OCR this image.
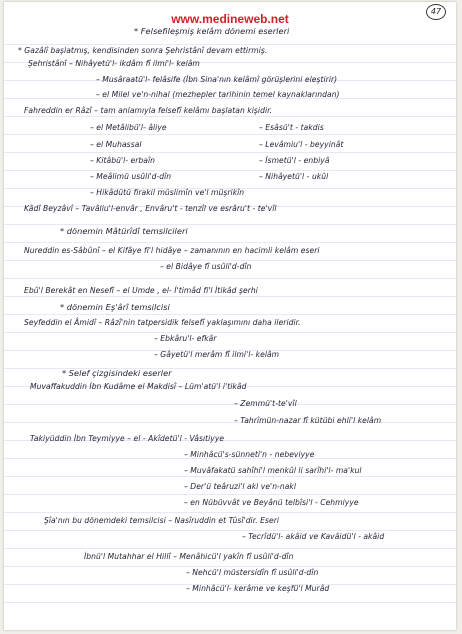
www.medineweb.net
47
* Felsefileşmiş kelâm dönemi eserleri
* Gazâlî başlatmış, kendisinden sonra Şehristânî devam ettirmiş.
Şehristânî – Nihâyetü'l- ikdâm fî ilmi'l- kelâm
– Musâraatü'l- felâsife (İbn Sina'nın kelâmî görüşlerini eleştirir)
– el Milel ve'n-nihal (mezhepler tarihinin temel kaynaklarından)
Fahreddin er Râzî – tam anlamıyla felsefî kelâmı başlatan kişidir.
– el Metâlibü'l- âliye	– Esâsü't - takdis
– el Muhassal	– Levâmiu'l - beyyinât
– Kitâbü'l- erbaîn	– İsmetü'l - enbiyâ
– Meâlimü usûli'd-dîn	– Nihâyetü'l - ukûl
– Hikâdütü firakil müslimîn ve'l müşrikîn
Kâdî Beyzâvî – Tavâliu'l-envâr , Envâru't - tenzîl ve esrâru't - te'vîl
* dönemin Mâtürîdî temsilcileri
Nureddin es-Sâbûnî – el Kifâye fi'l hidâye – zamanının en hacimli kelâm eseri
– el Bidâye fî usûli'd-dîn
Ebû'l Berekât en Nesefî – el Umde , el- İ'timâd fi'l İtikâd şerhi
* dönemin Eş'ârî temsilcisi
Seyfeddin el Âmidî – Râzî'nin tatpersidik felsefî yaklaşımını daha ileridir.
– Ebkâru'l- efkâr
– Gâyetü'l merâm fî ilmi'l- kelâm
* Selef çizgisindeki eserler
Muvaffakuddin İbn Kudâme el Makdisî – Lüm'atü'l i'tikâd
– Zemmü't-te'vîl
– Tahrîmün-nazar fî kütübi ehli'l kelâm
Takiyüddin İbn Teymiyye – el - Akîdetü'l - Vâsıtiyye
– Minhâcü's-sünneti'n - nebeviyye
– Muvâfakatü sahîhi'l menkûl li sarîhi'l- ma'kul
– Der'ü teâruzi'l akl ve'n-nakl
– en Nübüvvât ve Beyânü telbîsi'l - Cehmiyye
Şîa'nın bu dönemdeki temsilcisi – Nasîruddin et Tûsî'dir. Eseri
– Tecrîdü'l- akâid ve Kavâidü'l - akâid
İbnü'l Mutahhar el Hillî – Menâhicü'l yakîn fî usûli'd-dîn
– Nehcü'l müstersidîn fî usûli'd-dîn
– Minhâcü'l- kerâme ve keşfü'l Murâd
